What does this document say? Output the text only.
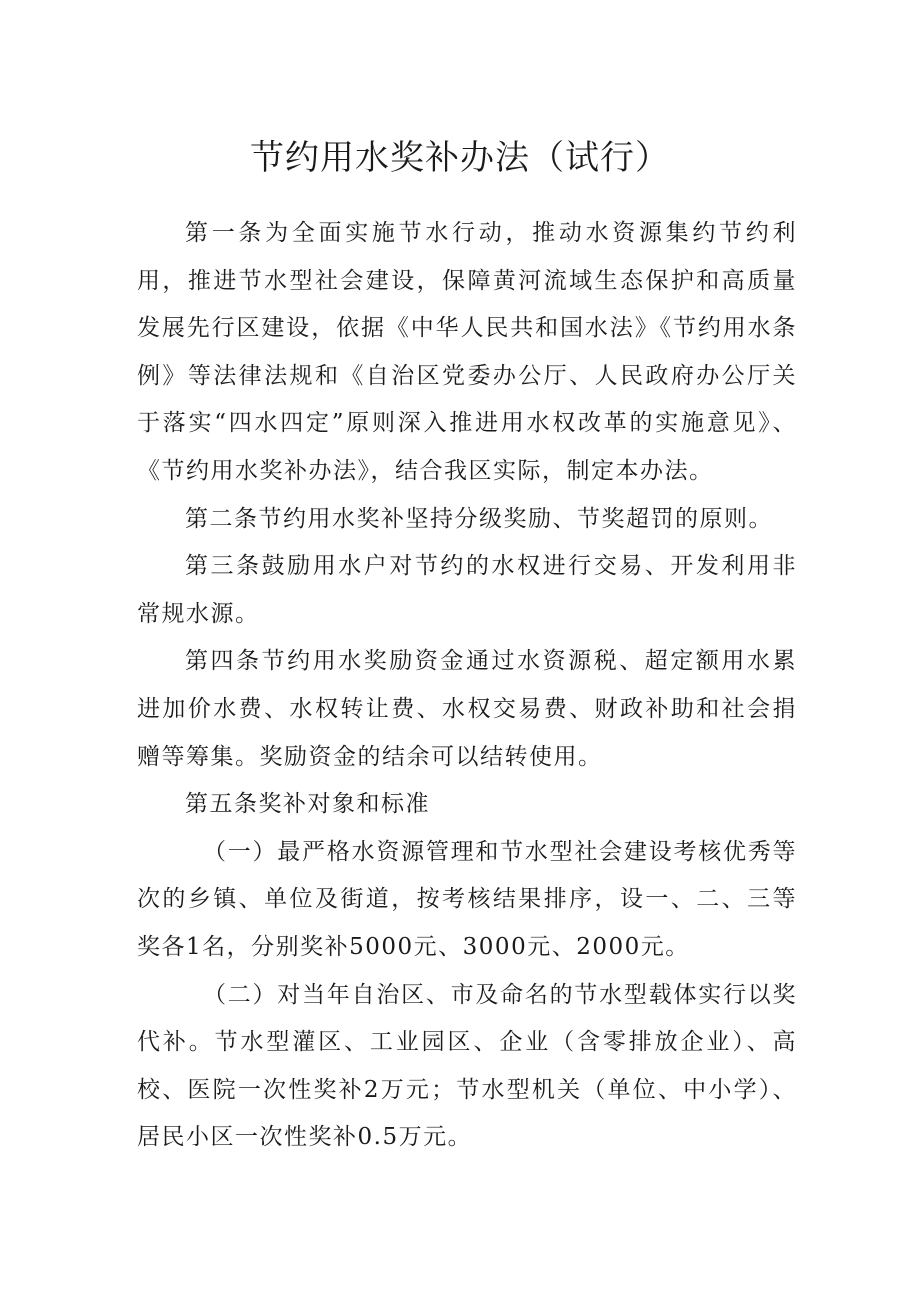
节约用水奖补办法（试行）

第一条为全面实施节水行动，推动水资源集约节约利用，推进节水型社会建设，保障黄河流域生态保护和高质量发展先行区建设，依据《中华人民共和国水法》《节约用水条例》等法律法规和《自治区党委办公厅、人民政府办公厅关于落实“四水四定”原则深入推进用水权改革的实施意见》、《节约用水奖补办法》，结合我区实际，制定本办法。

第二条节约用水奖补坚持分级奖励、节奖超罚的原则。

第三条鼓励用水户对节约的水权进行交易、开发利用非常规水源。

第四条节约用水奖励资金通过水资源税、超定额用水累进加价水费、水权转让费、水权交易费、财政补助和社会捐赠等筹集。奖励资金的结余可以结转使用。

第五条奖补对象和标准

（一）最严格水资源管理和节水型社会建设考核优秀等次的乡镇、单位及街道，按考核结果排序，设一、二、三等奖各1名，分别奖补5000元、3000元、2000元。

（二）对当年自治区、市及命名的节水型载体实行以奖代补。节水型灌区、工业园区、企业（含零排放企业）、高校、医院一次性奖补2万元；节水型机关（单位、中小学）、居民小区一次性奖补0.5万元。
